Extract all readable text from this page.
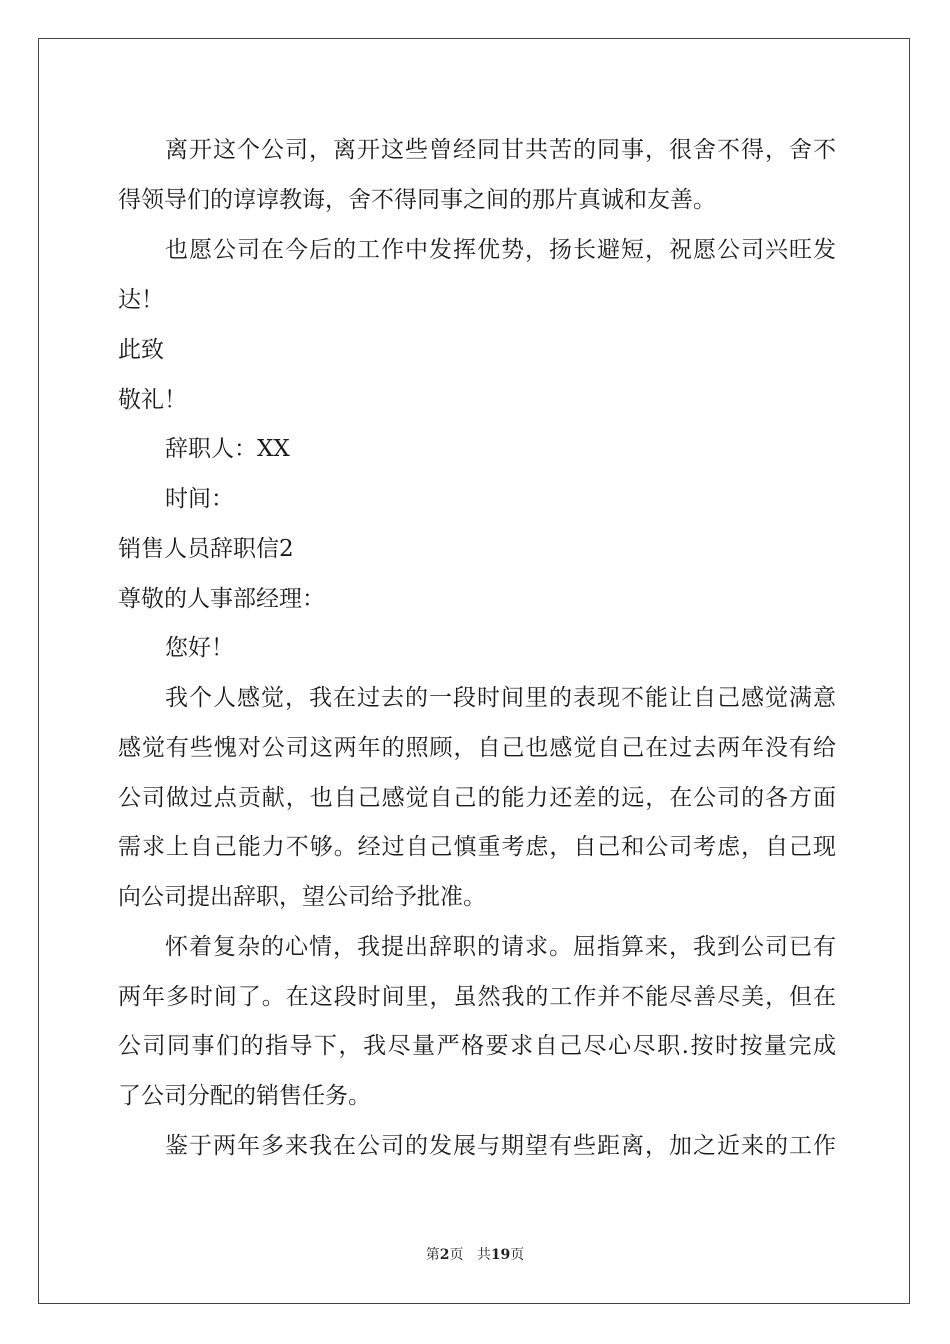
离开这个公司，离开这些曾经同甘共苦的同事，很舍不得，舍不
得领导们的谆谆教诲，舍不得同事之间的那片真诚和友善。
也愿公司在今后的工作中发挥优势，扬长避短，祝愿公司兴旺发
达！
此致
敬礼！
辞职人：XX
时间：
销售人员辞职信2
尊敬的人事部经理：
您好！
我个人感觉，我在过去的一段时间里的表现不能让自己感觉满意
感觉有些愧对公司这两年的照顾，自己也感觉自己在过去两年没有给
公司做过点贡献，也自己感觉自己的能力还差的远，在公司的各方面
需求上自己能力不够。经过自己慎重考虑，自己和公司考虑，自己现
向公司提出辞职，望公司给予批准。
怀着复杂的心情，我提出辞职的请求。屈指算来，我到公司已有
两年多时间了。在这段时间里，虽然我的工作并不能尽善尽美，但在
公司同事们的指导下，我尽量严格要求自己尽心尽职.按时按量完成
了公司分配的销售任务。
鉴于两年多来我在公司的发展与期望有些距离，加之近来的工作
第2页 共19页
